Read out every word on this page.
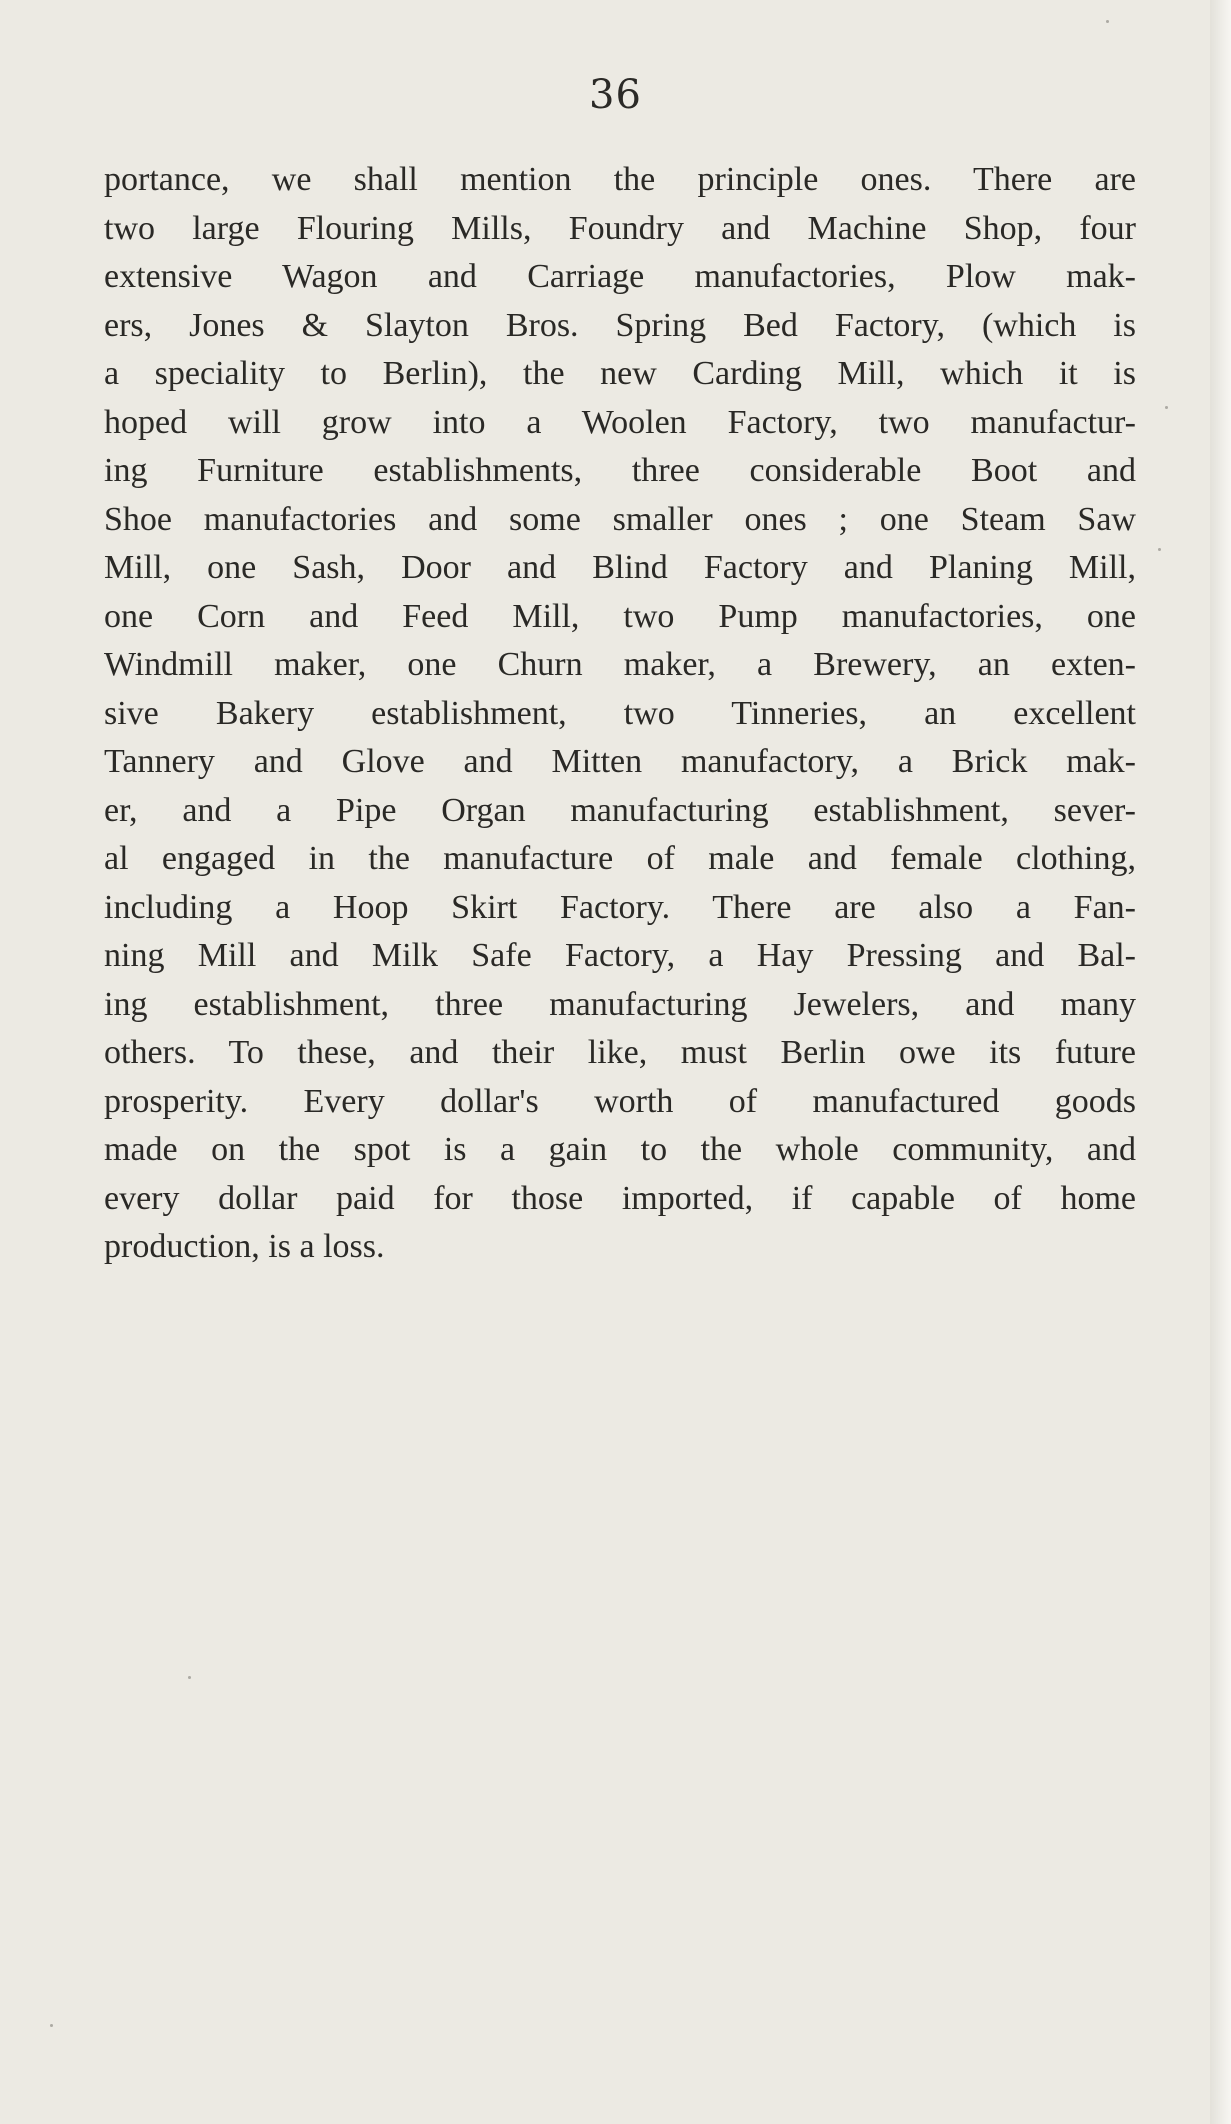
36
portance, we shall mention the principle ones. There are
two large Flouring Mills, Foundry and Machine Shop, four
extensive Wagon and Carriage manufactories, Plow mak-
ers, Jones & Slayton Bros. Spring Bed Factory, (which is
a speciality to Berlin), the new Carding Mill, which it is
hoped will grow into a Woolen Factory, two manufactur-
ing Furniture establishments, three considerable Boot and
Shoe manufactories and some smaller ones ; one Steam Saw
Mill, one Sash, Door and Blind Factory and Planing Mill,
one Corn and Feed Mill, two Pump manufactories, one
Windmill maker, one Churn maker, a Brewery, an exten-
sive Bakery establishment, two Tinneries, an excellent
Tannery and Glove and Mitten manufactory, a Brick mak-
er, and a Pipe Organ manufacturing establishment, sever-
al engaged in the manufacture of male and female clothing,
including a Hoop Skirt Factory. There are also a Fan-
ning Mill and Milk Safe Factory, a Hay Pressing and Bal-
ing establishment, three manufacturing Jewelers, and many
others. To these, and their like, must Berlin owe its future
prosperity. Every dollar's worth of manufactured goods
made on the spot is a gain to the whole community, and
every dollar paid for those imported, if capable of home
production, is a loss.
